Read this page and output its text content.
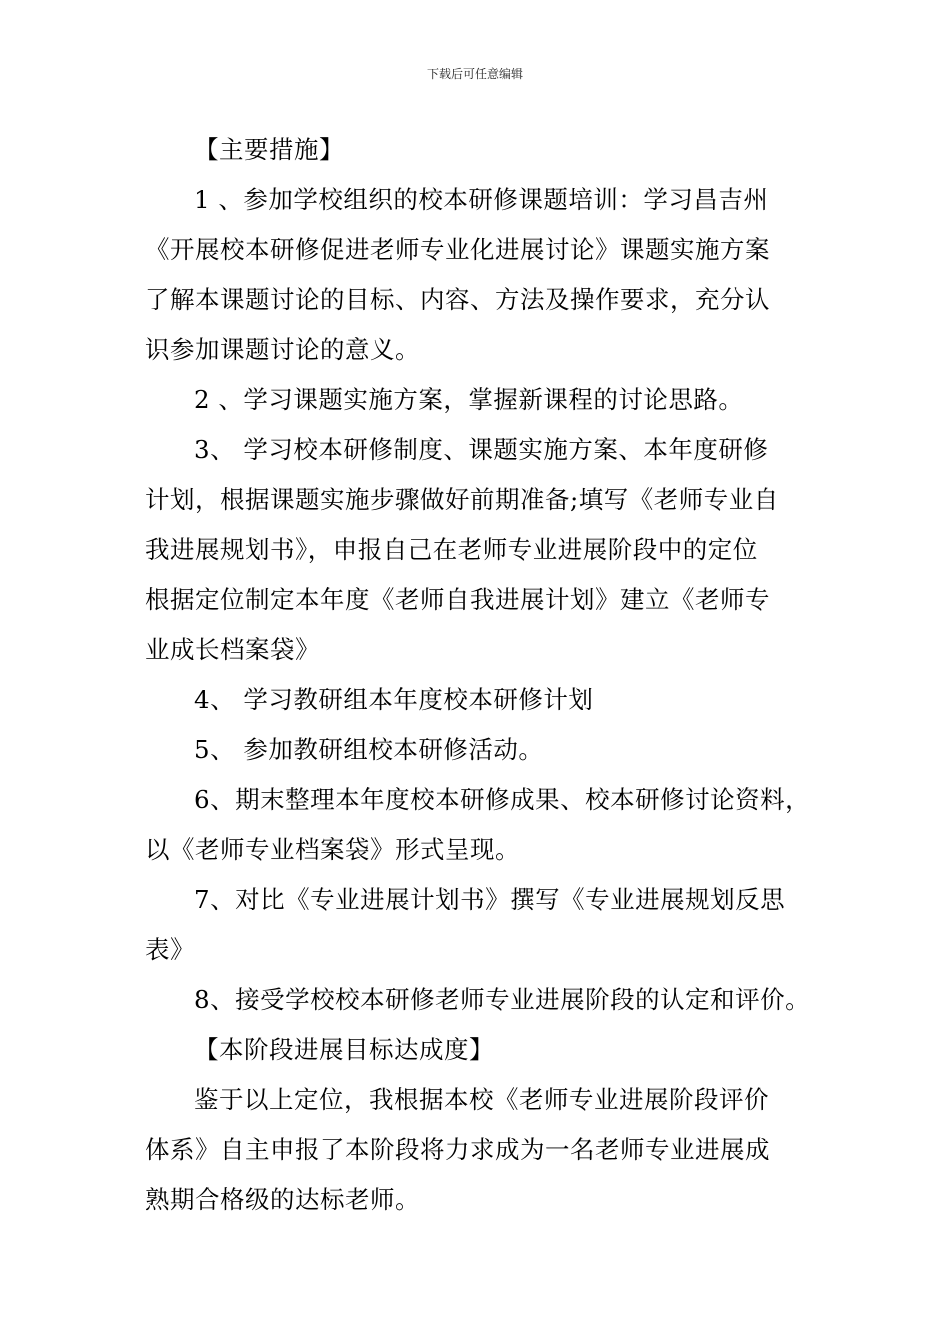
下载后可任意编辑
【主要措施】
1 、参加学校组织的校本研修课题培训：学习昌吉州
《开展校本研修促进老师专业化进展讨论》课题实施方案
了解本课题讨论的目标、内容、方法及操作要求，充分认
识参加课题讨论的意义。
2 、学习课题实施方案，掌握新课程的讨论思路。
3、 学习校本研修制度、课题实施方案、本年度研修
计划，根据课题实施步骤做好前期准备;填写《老师专业自
我进展规划书》，申报自己在老师专业进展阶段中的定位
根据定位制定本年度《老师自我进展计划》建立《老师专
业成长档案袋》
4、 学习教研组本年度校本研修计划
5、 参加教研组校本研修活动。
6、期末整理本年度校本研修成果、校本研修讨论资料，
以《老师专业档案袋》形式呈现。
7、对比《专业进展计划书》撰写《专业进展规划反思
表》
8、接受学校校本研修老师专业进展阶段的认定和评价。
【本阶段进展目标达成度】
鉴于以上定位，我根据本校《老师专业进展阶段评价
体系》自主申报了本阶段将力求成为一名老师专业进展成
熟期合格级的达标老师。
